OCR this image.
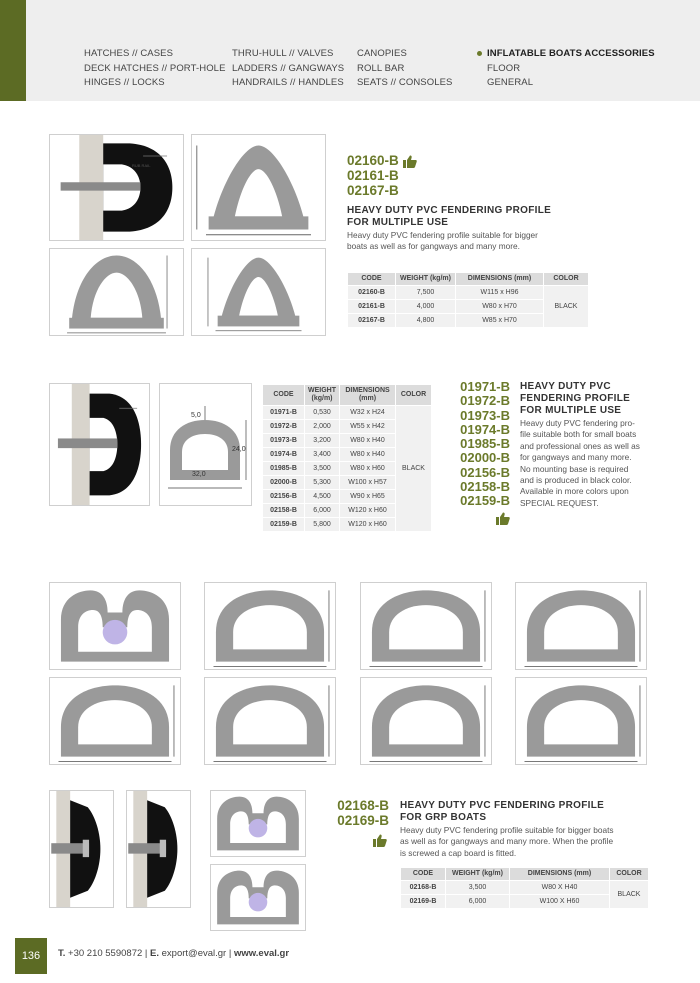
HATCHES // CASES
DECK HATCHES // PORT-HOLE
HINGES // LOCKS
THRU-HULL // VALVES
LADDERS // GANGWAYS
HANDRAILS // HANDLES
CANOPIES
ROLL BAR
SEATS // CONSOLES
INFLATABLE BOATS ACCESSORIES
FLOOR
GENERAL
RUB RAIL	02160-B
02161-B
02167-B
HEAVY DUTY PVC FENDERING PROFILE
FOR MULTIPLE USE
Heavy duty PVC fendering profile suitable for bigger
boats as well as for gangways and many more.
CODE	WEIGHT (kg/m)	DIMENSIONS (mm)	COLOR
02160-B	7,500	W115 x H96	BLACK
02161-B	4,000	W80 x H70	
02167-B	4,800	W85 x H70	
5,0
24,0
32,0
CODE	WEIGHT (kg/m)	DIMENSIONS (mm)	COLOR
01971-B	0,530	W32 x H24	BLACK
01972-B	2,000	W55 x H42	
01973-B	3,200	W80 x H40	
01974-B	3,400	W80 x H40	
01985-B	3,500	W80 x H60	
02000-B	5,300	W100 x H57	
02156-B	4,500	W90 x H65	
02158-B	6,000	W120 x H60	
02159-B	5,800	W120 x H60	
01971-B
01972-B
01973-B
01974-B
01985-B
02000-B
02156-B
02158-B
02159-B
HEAVY DUTY PVC
FENDERING PROFILE
FOR MULTIPLE USE
Heavy duty PVC fendering pro-
file suitable both for small boats
and professional ones as well as
for gangways and many more.
No mounting base is required
and is produced in black color.
Available in more colors upon
SPECIAL REQUEST.
02168-B
02169-B
HEAVY DUTY PVC FENDERING PROFILE
FOR GRP BOATS
Heavy duty PVC fendering profile suitable for bigger boats
as well as for gangways and many more. When the profile
is screwed a cap board is fitted.
CODE	WEIGHT (kg/m)	DIMENSIONS (mm)	COLOR
02168-B	3,500	W80 X H40	BLACK
02169-B	6,000	W100 X H60	
136	T. +30 210 5590872 | E. export@eval.gr | www.eval.gr
